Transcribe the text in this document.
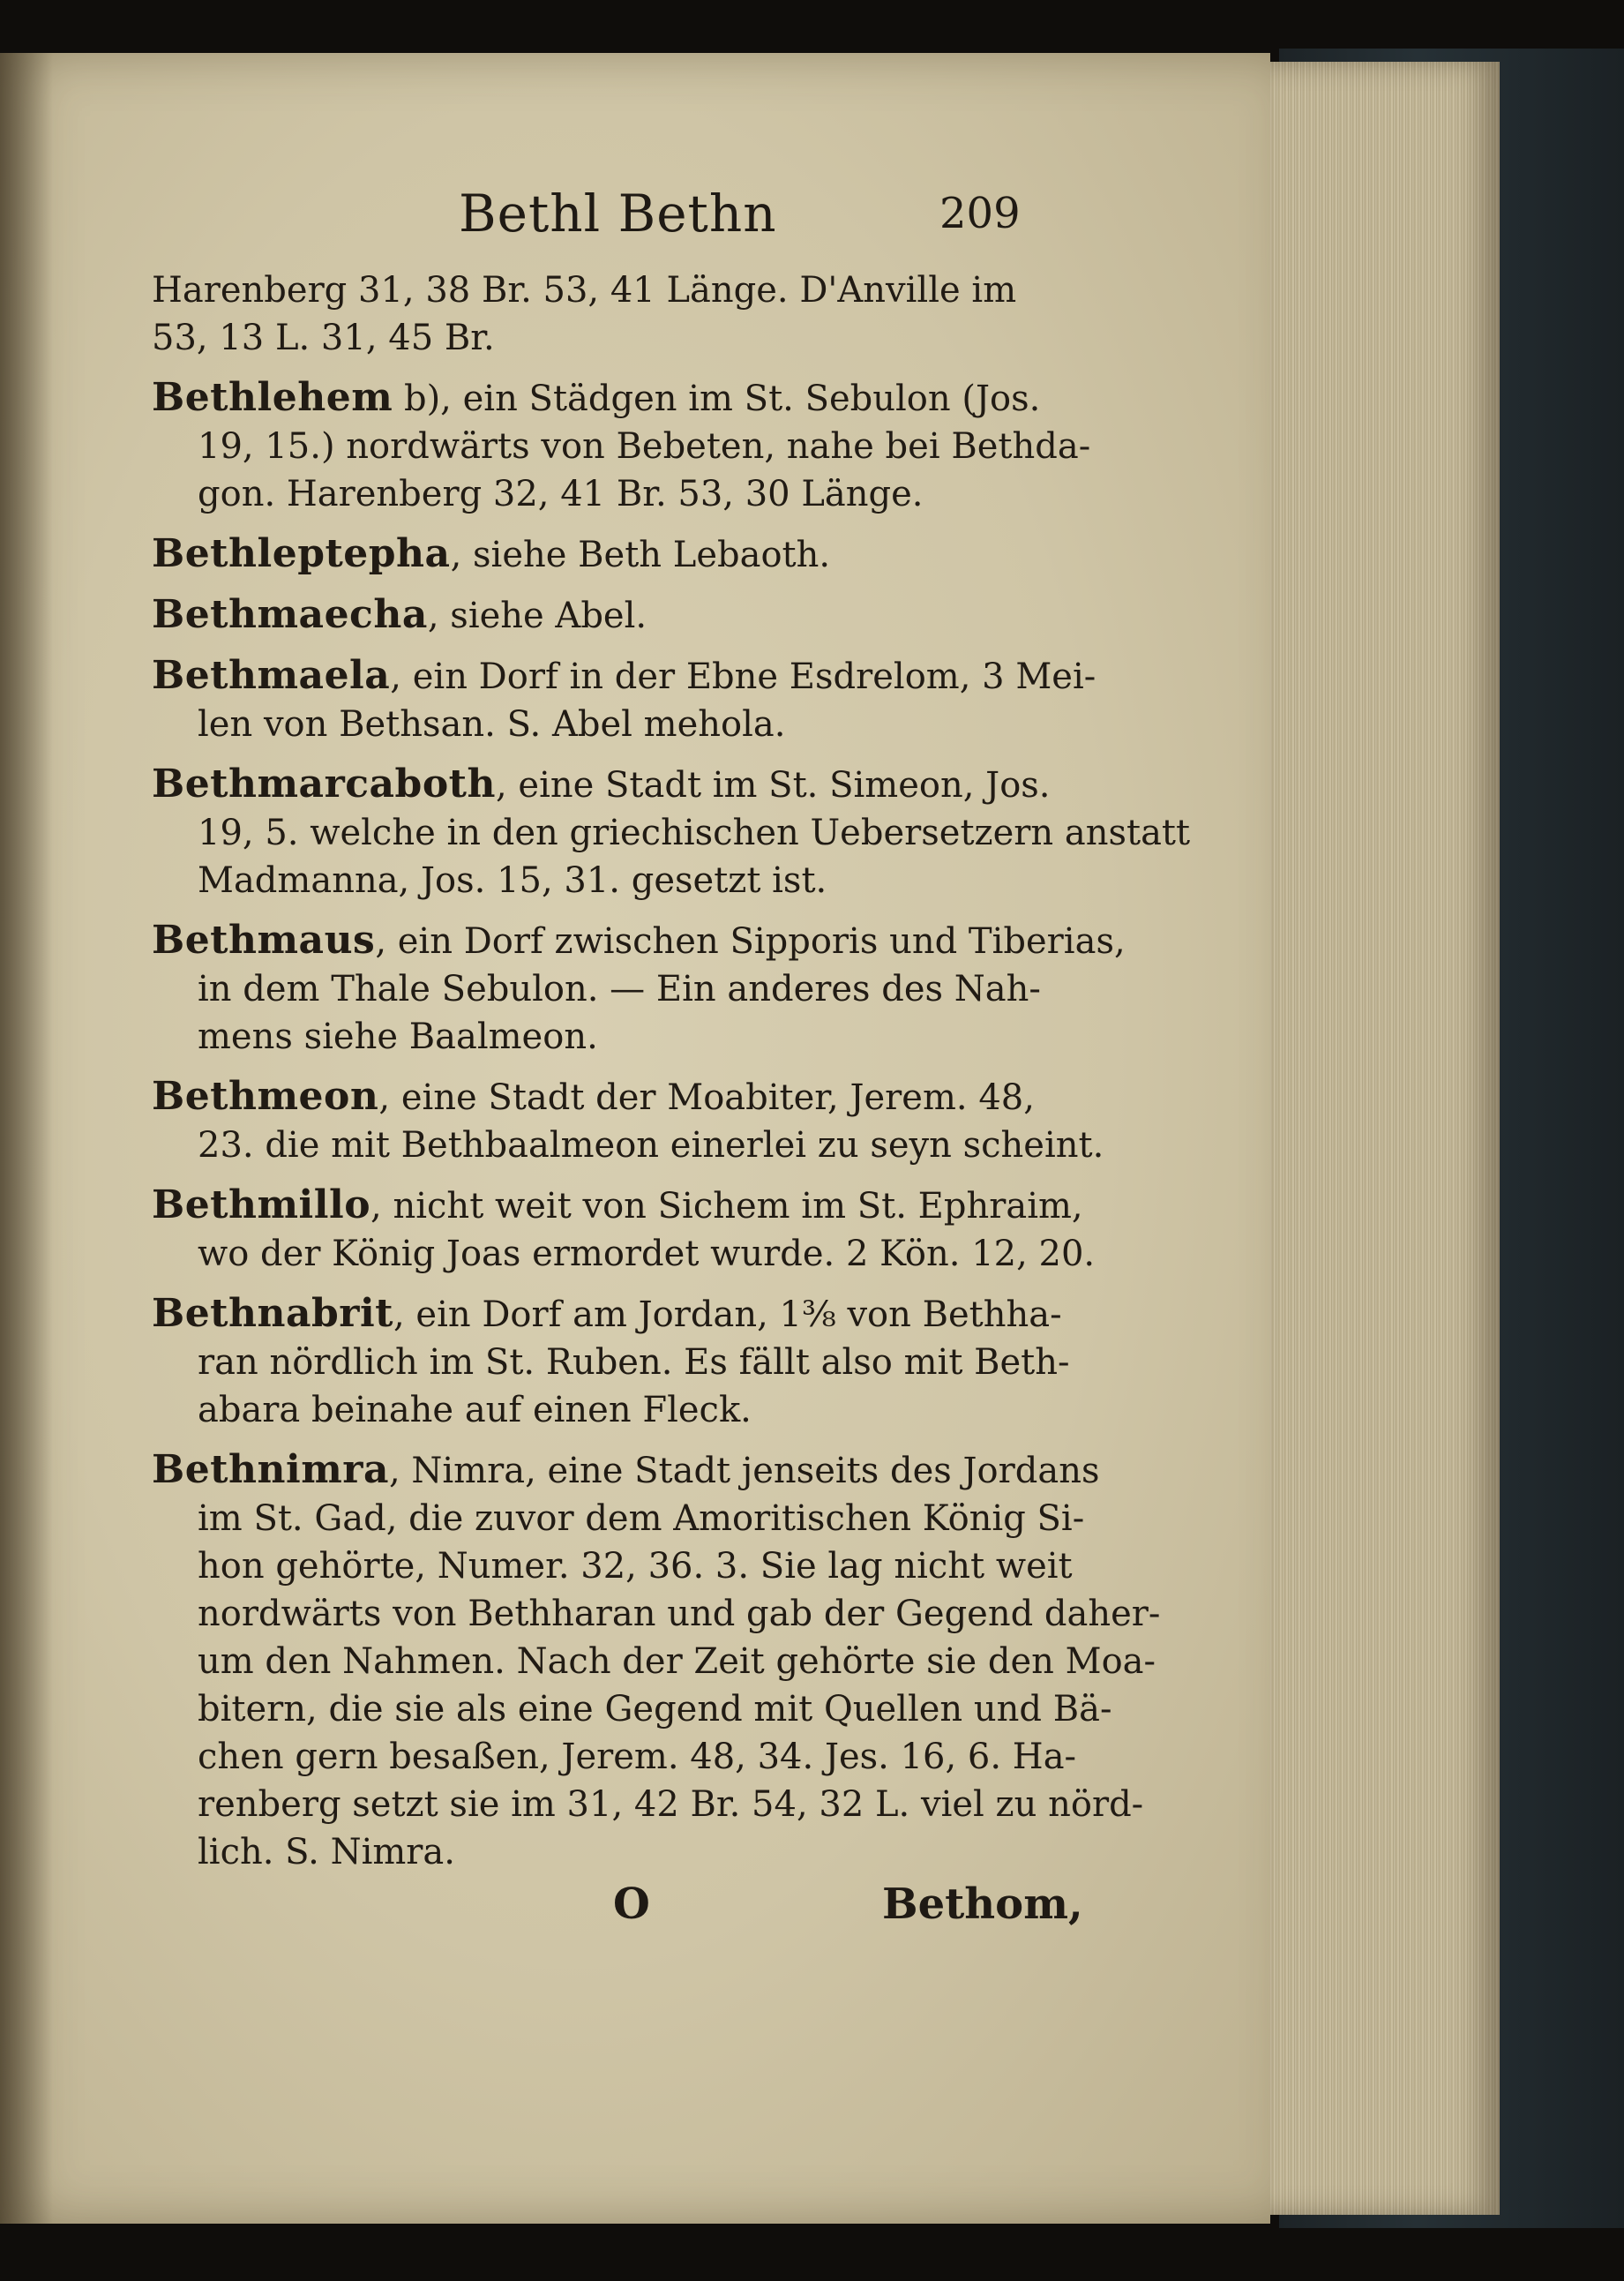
Bethl Bethn	209
Harenberg 31, 38 Br. 53, 41 Länge. D'Anville im
53, 13 L. 31, 45 Br.
Bethlehem b), ein Städgen im St. Sebulon (Jos.
19, 15.) nordwärts von Bebeten, nahe bei Bethda-
gon. Harenberg 32, 41 Br. 53, 30 Länge.
Bethleptepha, siehe Beth Lebaoth.
Bethmaecha, siehe Abel.
Bethmaela, ein Dorf in der Ebne Esdrelom, 3 Mei-
len von Bethsan. S. Abel mehola.
Bethmarcaboth, eine Stadt im St. Simeon, Jos.
19, 5. welche in den griechischen Uebersetzern anstatt
Madmanna, Jos. 15, 31. gesetzt ist.
Bethmaus, ein Dorf zwischen Sipporis und Tiberias,
in dem Thale Sebulon. — Ein anderes des Nah-
mens siehe Baalmeon.
Bethmeon, eine Stadt der Moabiter, Jerem. 48,
23. die mit Bethbaalmeon einerlei zu seyn scheint.
Bethmillo, nicht weit von Sichem im St. Ephraim,
wo der König Joas ermordet wurde. 2 Kön. 12, 20.
Bethnabrit, ein Dorf am Jordan, 1⅜ von Bethha-
ran nördlich im St. Ruben. Es fällt also mit Beth-
abara beinahe auf einen Fleck.
Bethnimra, Nimra, eine Stadt jenseits des Jordans
im St. Gad, die zuvor dem Amoritischen König Si-
hon gehörte, Numer. 32, 36. 3. Sie lag nicht weit
nordwärts von Bethharan und gab der Gegend daher-
um den Nahmen. Nach der Zeit gehörte sie den Moa-
bitern, die sie als eine Gegend mit Quellen und Bä-
chen gern besaßen, Jerem. 48, 34. Jes. 16, 6. Ha-
renberg setzt sie im 31, 42 Br. 54, 32 L. viel zu nörd-
lich. S. Nimra.
O	Bethom,
